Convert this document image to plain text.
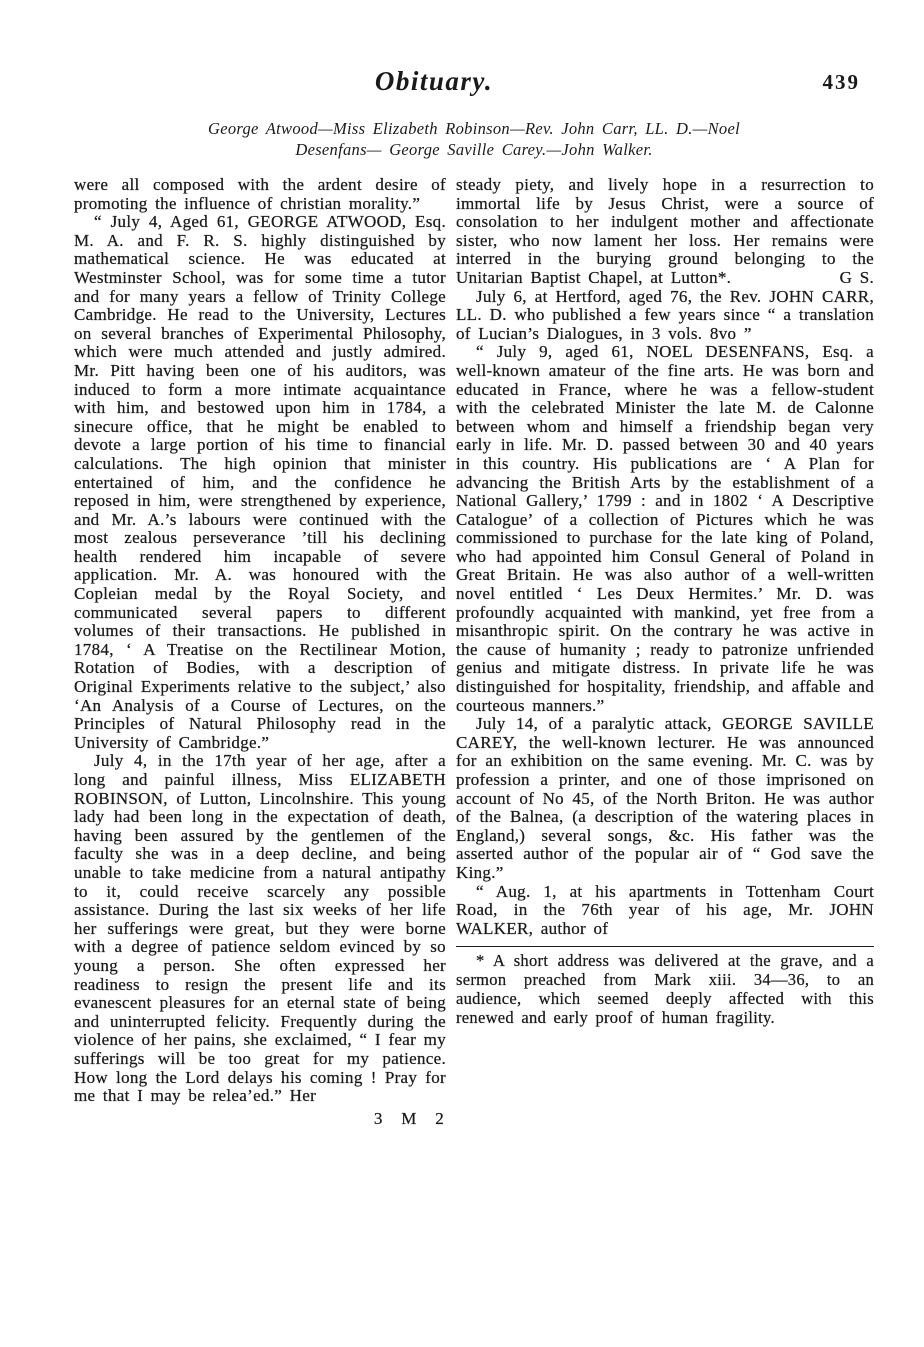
Obituary.	439
George Atwood—Miss Elizabeth Robinson—Rev. John Carr, LL. D.—Noel
Desenfans— George Saville Carey.—John Walker.

were all composed with the ardent desire of promoting the influence of christian morality.”

“ July 4, Aged 61, GEORGE ATWOOD, Esq. M. A. and F. R. S. highly distinguished by mathematical science. He was educated at Westminster School, was for some time a tutor and for many years a fellow of Trinity College Cambridge. He read to the University, Lectures on several branches of Experimental Philosophy, which were much attended and justly admired. Mr. Pitt having been one of his auditors, was induced to form a more intimate acquaintance with him, and bestowed upon him in 1784, a sinecure office, that he might be enabled to devote a large portion of his time to financial calculations. The high opinion that minister entertained of him, and the confidence he reposed in him, were strengthened by experience, and Mr. A.’s labours were continued with the most zealous perseverance ’till his declining health rendered him incapable of severe application. Mr. A. was honoured with the Copleian medal by the Royal Society, and communicated several papers to different volumes of their transactions. He published in 1784, ‘ A Treatise on the Rectilinear Motion, Rotation of Bodies, with a description of Original Experiments relative to the subject,’ also ‘An Analysis of a Course of Lectures, on the Principles of Natural Philosophy read in the University of Cambridge.”

July 4, in the 17th year of her age, after a long and painful illness, Miss ELIZABETH ROBINSON, of Lutton, Lincolnshire. This young lady had been long in the expectation of death, having been assured by the gentlemen of the faculty she was in a deep decline, and being unable to take medicine from a natural antipathy to it, could receive scarcely any possible assistance. During the last six weeks of her life her sufferings were great, but they were borne with a degree of patience seldom evinced by so young a person. She often expressed her readiness to resign the present life and its evanescent pleasures for an eternal state of being and uninterrupted felicity. Frequently during the violence of her pains, she exclaimed, “ I fear my sufferings will be too great for my patience. How long the Lord delays his coming ! Pray for me that I may be relea’ed.” Her

3 M 2

steady piety, and lively hope in a resurrection to immortal life by Jesus Christ, were a source of consolation to her indulgent mother and affectionate sister, who now lament her loss. Her remains were interred in the burying ground belonging to the Unitarian Baptist Chapel, at Lutton*.	G S.

July 6, at Hertford, aged 76, the Rev. JOHN CARR, LL. D. who published a few years since “ a translation of Lucian’s Dialogues, in 3 vols. 8vo ”

“ July 9, aged 61, NOEL DESENFANS, Esq. a well-known amateur of the fine arts. He was born and educated in France, where he was a fellow-student with the celebrated Minister the late M. de Calonne between whom and himself a friendship began very early in life. Mr. D. passed between 30 and 40 years in this country. His publications are ‘ A Plan for advancing the British Arts by the establishment of a National Gallery,’ 1799 : and in 1802 ‘ A Descriptive Catalogue’ of a collection of Pictures which he was commissioned to purchase for the late king of Poland, who had appointed him Consul General of Poland in Great Britain. He was also author of a well-written novel entitled ‘ Les Deux Hermites.’ Mr. D. was profoundly acquainted with mankind, yet free from a misanthropic spirit. On the contrary he was active in the cause of humanity ; ready to patronize unfriended genius and mitigate distress. In private life he was distinguished for hospitality, friendship, and affable and courteous manners.”

July 14, of a paralytic attack, GEORGE SAVILLE CAREY, the well-known lecturer. He was announced for an exhibition on the same evening. Mr. C. was by profession a printer, and one of those imprisoned on account of No 45, of the North Briton. He was author of the Balnea, (a description of the watering places in England,) several songs, &c. His father was the asserted author of the popular air of “ God save the King.”

“ Aug. 1, at his apartments in Tottenham Court Road, in the 76th year of his age, Mr. JOHN WALKER, author of

* A short address was delivered at the grave, and a sermon preached from Mark xiii. 34—36, to an audience, which seemed deeply affected with this renewed and early proof of human fragility.
